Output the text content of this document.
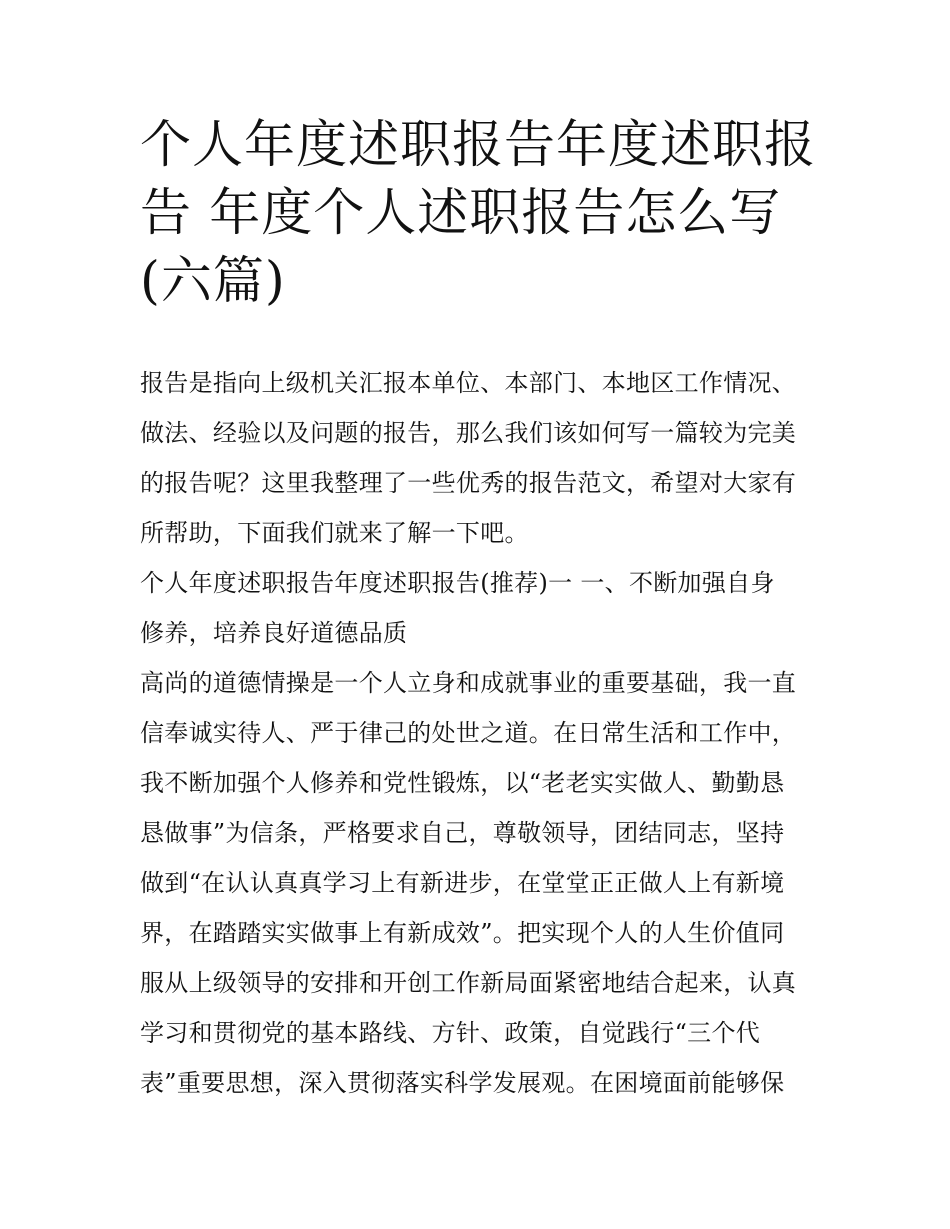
个人年度述职报告年度述职报
告 年度个人述职报告怎么写
(六篇)
报告是指向上级机关汇报本单位、本部门、本地区工作情况、
做法、经验以及问题的报告，那么我们该如何写一篇较为完美
的报告呢？这里我整理了一些优秀的报告范文，希望对大家有
所帮助，下面我们就来了解一下吧。
个人年度述职报告年度述职报告(推荐)一 一、不断加强自身
修养，培养良好道德品质
高尚的道德情操是一个人立身和成就事业的重要基础，我一直
信奉诚实待人、严于律己的处世之道。在日常生活和工作中，
我不断加强个人修养和党性锻炼，以“老老实实做人、勤勤恳
恳做事”为信条，严格要求自己，尊敬领导，团结同志，坚持
做到“在认认真真学习上有新进步，在堂堂正正做人上有新境
界，在踏踏实实做事上有新成效”。把实现个人的人生价值同
服从上级领导的安排和开创工作新局面紧密地结合起来，认真
学习和贯彻党的基本路线、方针、政策，自觉践行“三个代
表”重要思想，深入贯彻落实科学发展观。在困境面前能够保
